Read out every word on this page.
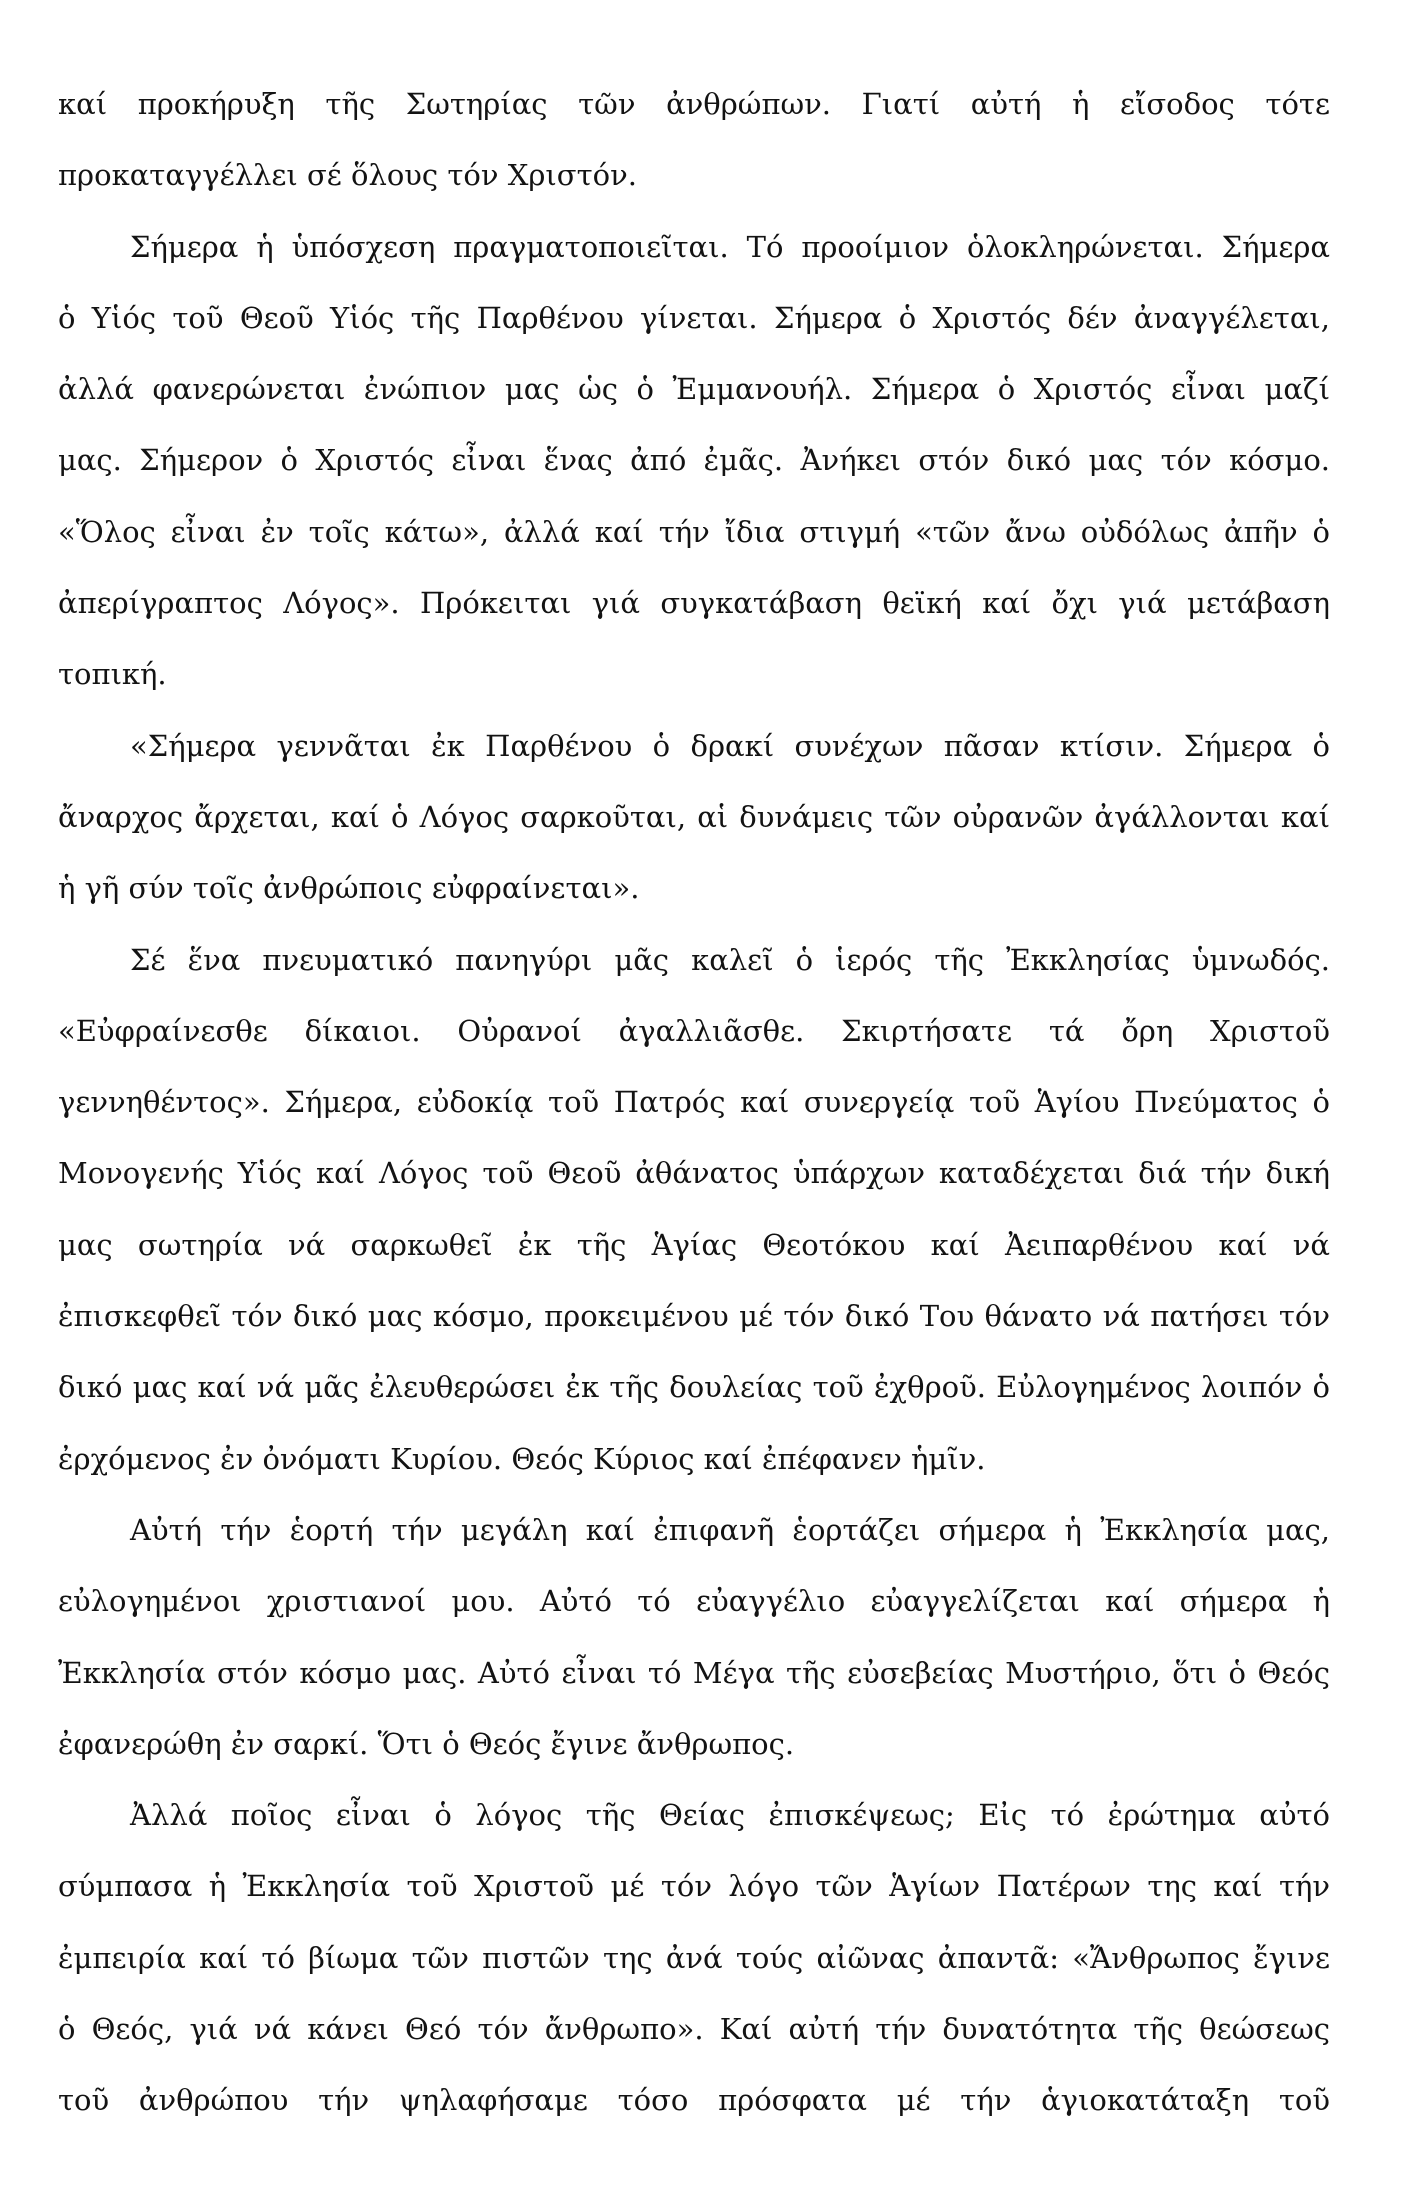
καί προκήρυξη τῆς Σωτηρίας τῶν ἀνθρώπων. Γιατί αὐτή ἡ εἴσοδος τότε
προκαταγγέλλει σέ ὅλους τόν Χριστόν.
Σήμερα ἡ ὑπόσχεση πραγματοποιεῖται. Τό προοίμιον ὁλοκληρώνεται. Σήμερα
ὁ Υἱός τοῦ Θεοῦ Υἱός τῆς Παρθένου γίνεται. Σήμερα ὁ Χριστός δέν ἀναγγέλεται,
ἀλλά φανερώνεται ἐνώπιον μας ὡς ὁ Ἐμμανουήλ. Σήμερα ὁ Χριστός εἶναι μαζί
μας. Σήμερον ὁ Χριστός εἶναι ἕνας ἀπό ἐμᾶς. Ἀνήκει στόν δικό μας τόν κόσμο.
«Ὅλος εἶναι ἐν τοῖς κάτω», ἀλλά καί τήν ἴδια στιγμή «τῶν ἄνω οὐδόλως ἀπῆν ὁ
ἀπερίγραπτος Λόγος». Πρόκειται γιά συγκατάβαση θεϊκή καί ὄχι γιά μετάβαση
τοπική.
«Σήμερα γεννᾶται ἐκ Παρθένου ὁ δρακί συνέχων πᾶσαν κτίσιν. Σήμερα ὁ
ἄναρχος ἄρχεται, καί ὁ Λόγος σαρκοῦται, αἱ δυνάμεις τῶν οὐρανῶν ἀγάλλονται καί
ἡ γῆ σύν τοῖς ἀνθρώποις εὐφραίνεται».
Σέ ἕνα πνευματικό πανηγύρι μᾶς καλεῖ ὁ ἱερός τῆς Ἐκκλησίας ὑμνωδός.
«Εὐφραίνεσθε δίκαιοι. Οὐρανοί ἀγαλλιᾶσθε. Σκιρτήσατε τά ὄρη Χριστοῦ
γεννηθέντος». Σήμερα, εὐδοκίᾳ τοῦ Πατρός καί συνεργείᾳ τοῦ Ἁγίου Πνεύματος ὁ
Μονογενής Υἱός καί Λόγος τοῦ Θεοῦ ἀθάνατος ὑπάρχων καταδέχεται διά τήν δική
μας σωτηρία νά σαρκωθεῖ ἐκ τῆς Ἁγίας Θεοτόκου καί Ἀειπαρθένου καί νά
ἐπισκεφθεῖ τόν δικό μας κόσμο, προκειμένου μέ τόν δικό Του θάνατο νά πατήσει τόν
δικό μας καί νά μᾶς ἐλευθερώσει ἐκ τῆς δουλείας τοῦ ἐχθροῦ. Εὐλογημένος λοιπόν ὁ
ἐρχόμενος ἐν ὀνόματι Κυρίου. Θεός Κύριος καί ἐπέφανεν ἡμῖν.
Αὐτή τήν ἑορτή τήν μεγάλη καί ἐπιφανῆ ἑορτάζει σήμερα ἡ Ἐκκλησία μας,
εὐλογημένοι χριστιανοί μου. Αὐτό τό εὐαγγέλιο εὐαγγελίζεται καί σήμερα ἡ
Ἐκκλησία στόν κόσμο μας. Αὐτό εἶναι τό Μέγα τῆς εὐσεβείας Μυστήριο, ὅτι ὁ Θεός
ἐφανερώθη ἐν σαρκί. Ὅτι ὁ Θεός ἔγινε ἄνθρωπος.
Ἀλλά ποῖος εἶναι ὁ λόγος τῆς Θείας ἐπισκέψεως; Εἰς τό ἐρώτημα αὐτό
σύμπασα ἡ Ἐκκλησία τοῦ Χριστοῦ μέ τόν λόγο τῶν Ἁγίων Πατέρων της καί τήν
ἐμπειρία καί τό βίωμα τῶν πιστῶν της ἀνά τούς αἰῶνας ἀπαντᾶ: «Ἄνθρωπος ἔγινε
ὁ Θεός, γιά νά κάνει Θεό τόν ἄνθρωπο». Καί αὐτή τήν δυνατότητα τῆς θεώσεως
τοῦ ἀνθρώπου τήν ψηλαφήσαμε τόσο πρόσφατα μέ τήν ἁγιοκατάταξη τοῦ
